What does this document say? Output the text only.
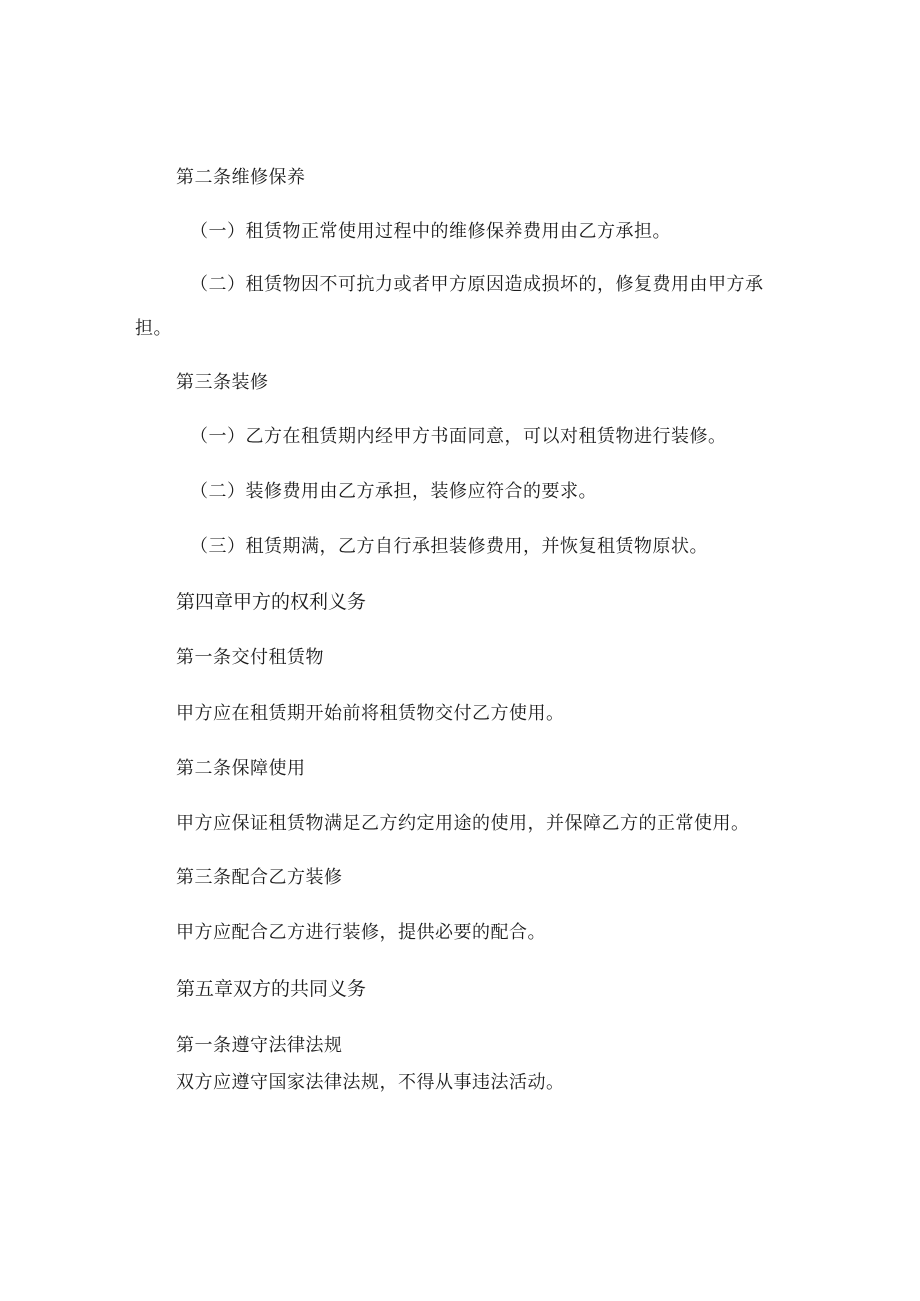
第二条维修保养
（一）租赁物正常使用过程中的维修保养费用由乙方承担。
（二）租赁物因不可抗力或者甲方原因造成损坏的，修复费用由甲方承
担。
第三条装修
（一）乙方在租赁期内经甲方书面同意，可以对租赁物进行装修。
（二）装修费用由乙方承担，装修应符合的要求。
（三）租赁期满，乙方自行承担装修费用，并恢复租赁物原状。
第四章甲方的权利义务
第一条交付租赁物
甲方应在租赁期开始前将租赁物交付乙方使用。
第二条保障使用
甲方应保证租赁物满足乙方约定用途的使用，并保障乙方的正常使用。
第三条配合乙方装修
甲方应配合乙方进行装修，提供必要的配合。
第五章双方的共同义务
第一条遵守法律法规
双方应遵守国家法律法规，不得从事违法活动。
